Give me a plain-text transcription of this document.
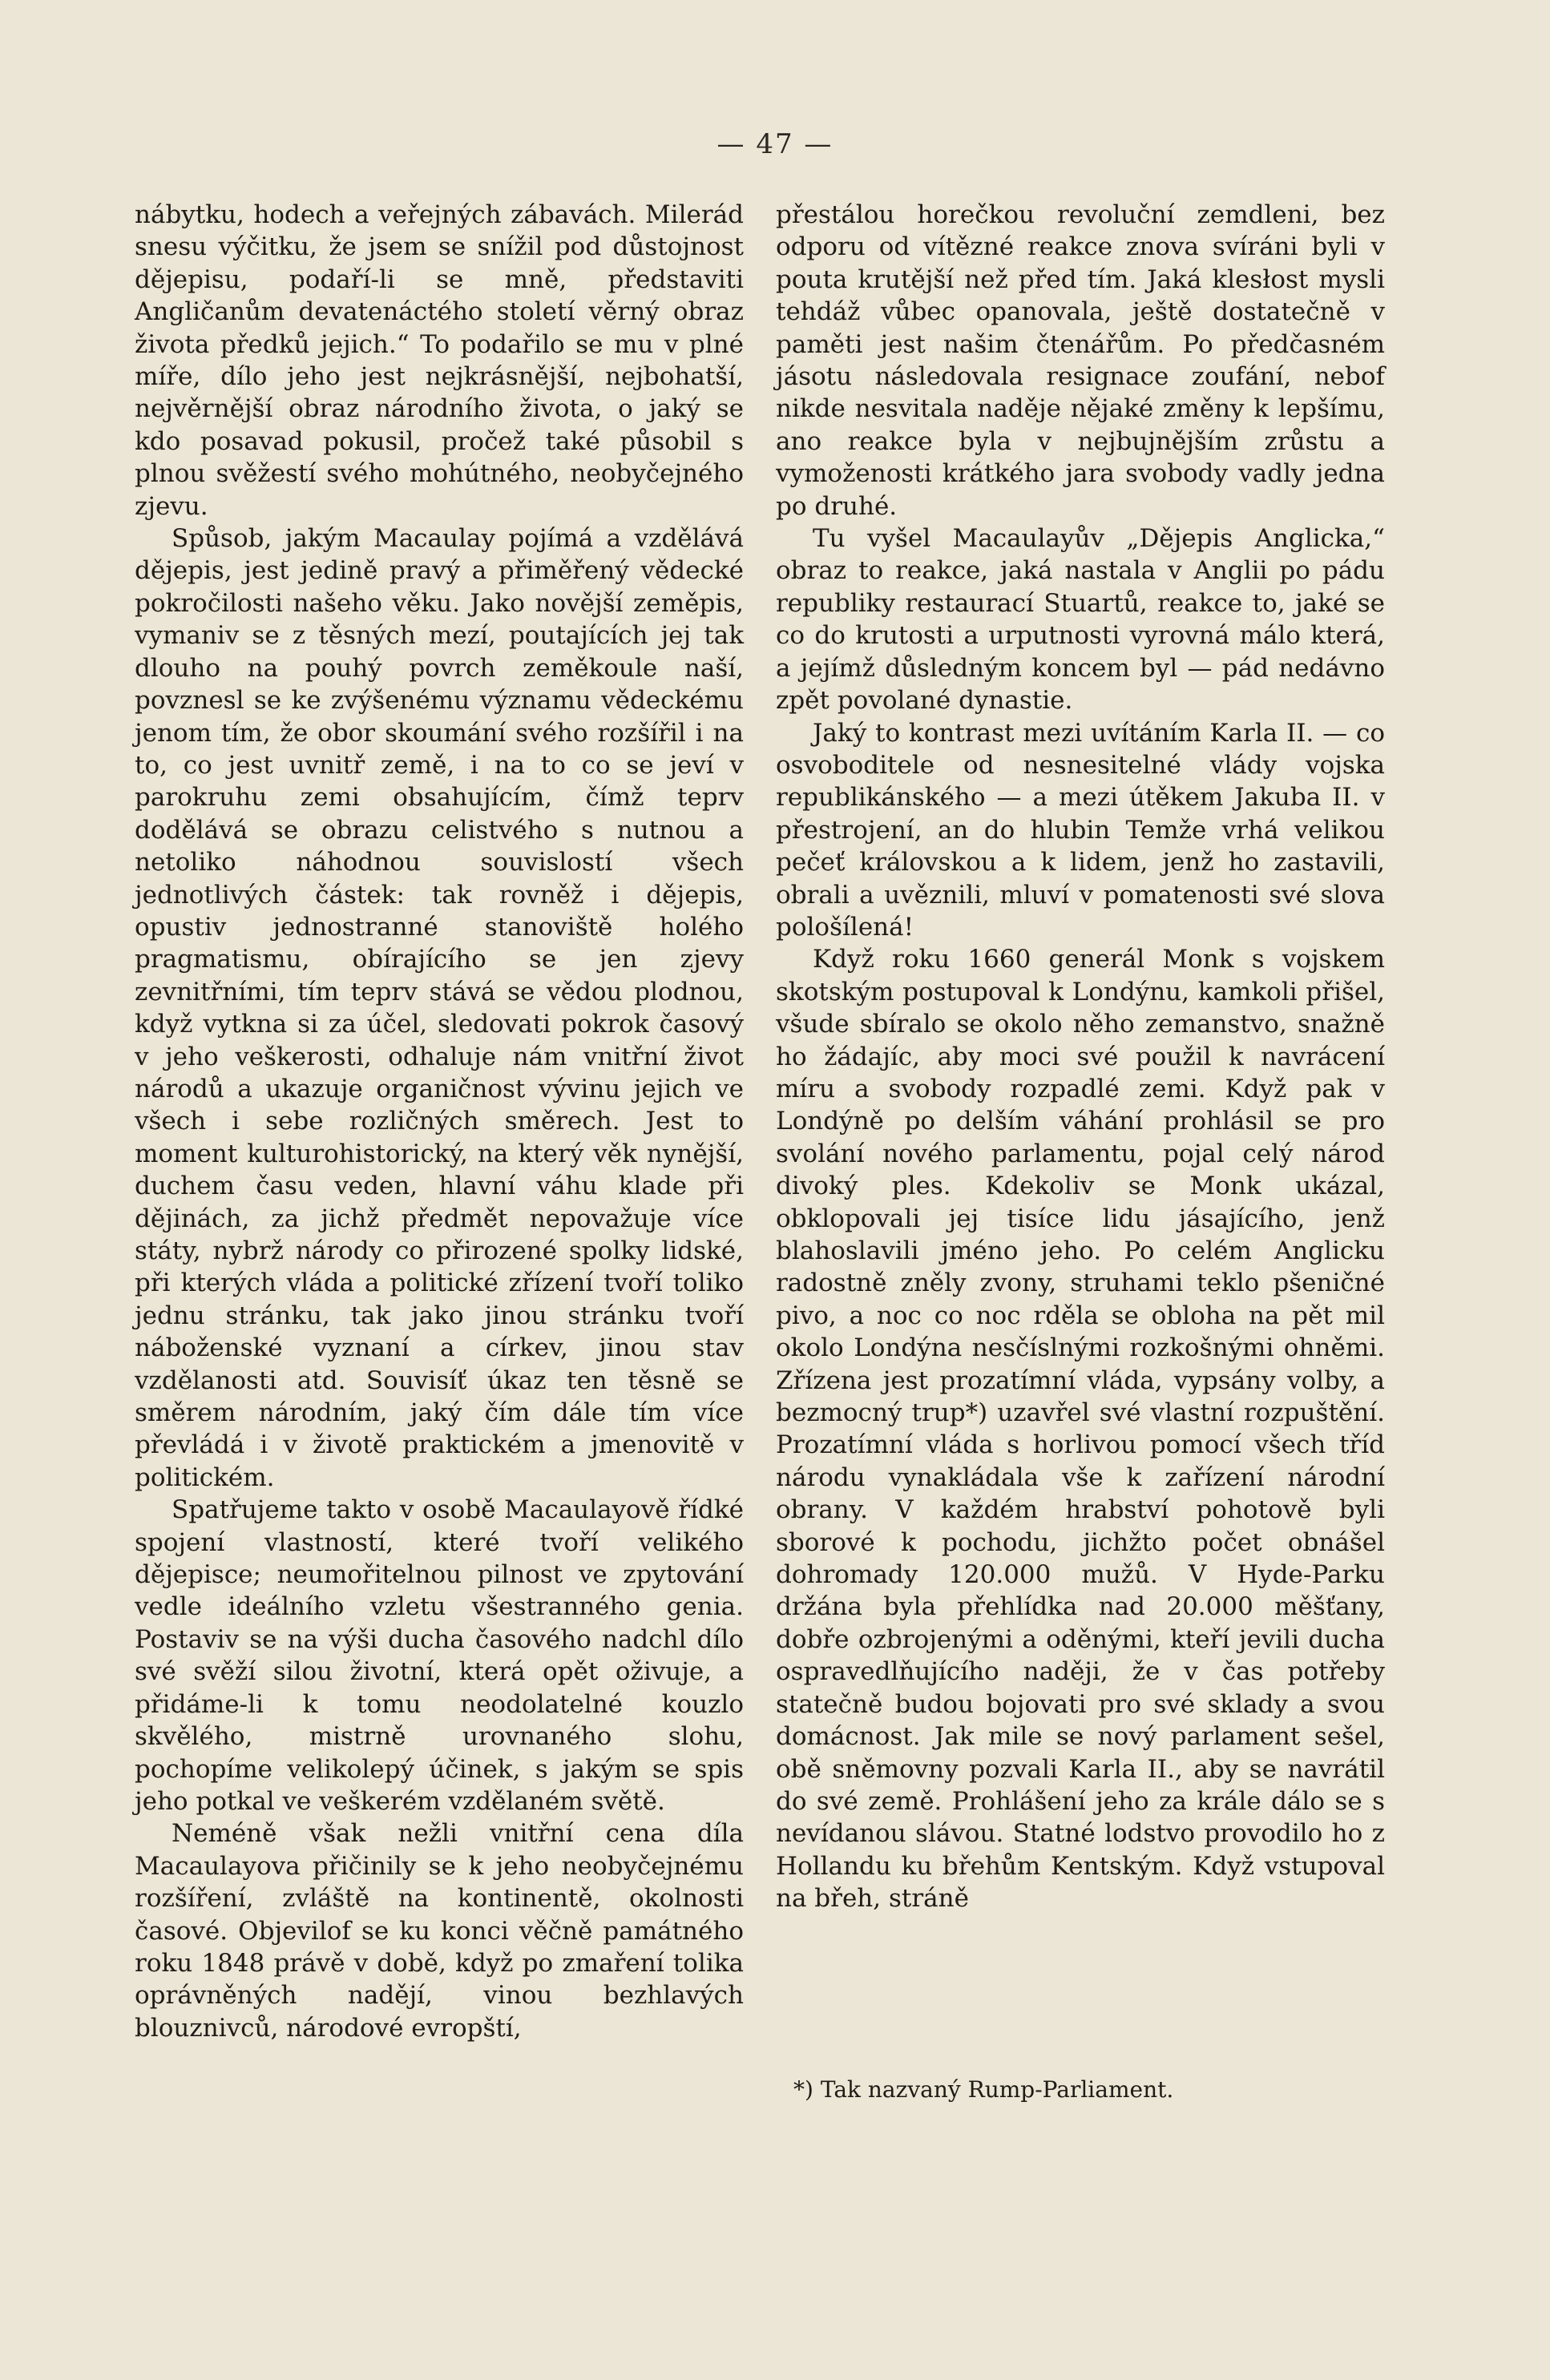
— 47 —

nábytku, hodech a veřejných zábavách. Milerád snesu výčitku, že jsem se snížil pod důstojnost dějepisu, podaří-li se mně, představiti Angličanům devatenáctého století věrný obraz života předků jejich.“ To podařilo se mu v plné míře, dílo jeho jest nejkrásnější, nejbohatší, nejvěrnější obraz národního života, o jaký se kdo posavad pokusil, pročež také působil s plnou svěžestí svého mohútného, neobyčejného zjevu.

Spůsob, jakým Macaulay pojímá a vzdělává dějepis, jest jedině pravý a přiměřený vědecké pokročilosti našeho věku. Jako novější zeměpis, vymaniv se z těsných mezí, poutajících jej tak dlouho na pouhý povrch zeměkoule naší, povznesl se ke zvýšenému významu vědeckému jenom tím, že obor skoumání svého rozšířil i na to, co jest uvnitř země, i na to co se jeví v parokruhu zemi obsahujícím, čímž teprv dodělává se obrazu celistvého s nutnou a netoliko náhodnou souvislostí všech jednotlivých částek: tak rovněž i dějepis, opustiv jednostranné stanoviště holého pragmatismu, obírajícího se jen zjevy zevnitřními, tím teprv stává se vědou plodnou, když vytkna si za účel, sledovati pokrok časový v jeho veškerosti, odhaluje nám vnitřní život národů a ukazuje organičnost vývinu jejich ve všech i sebe rozličných směrech. Jest to moment kulturohistorický, na který věk nynější, duchem času veden, hlavní váhu klade při dějinách, za jichž předmět nepovažuje více státy, nybrž národy co přirozené spolky lidské, při kterých vláda a politické zřízení tvoří toliko jednu stránku, tak jako jinou stránku tvoří náboženské vyznaní a církev, jinou stav vzdělanosti atd. Souvisíť úkaz ten těsně se směrem národním, jaký čím dále tím více převládá i v životě praktickém a jmenovitě v politickém.

Spatřujeme takto v osobě Macaulayově řídké spojení vlastností, které tvoří velikého dějepisce; neumořitelnou pilnost ve zpytování vedle ideálního vzletu všestranného genia. Postaviv se na výši ducha časového nadchl dílo své svěží silou životní, která opět oživuje, a přidáme-li k tomu neodolatelné kouzlo skvělého, mistrně urovnaného slohu, pochopíme velikolepý účinek, s jakým se spis jeho potkal ve veškerém vzdělaném světě.

Neméně však nežli vnitřní cena díla Macaulayova přičinily se k jeho neobyčejnému rozšíření, zvláště na kontinentě, okolnosti časové. Objevilof se ku konci věčně památného roku 1848 právě v době, když po zmaření tolika oprávněných nadějí, vinou bezhlavých blouznivců, národové evropští,

přestálou horečkou revoluční zemdleni, bez odporu od vítězné reakce znova svíráni byli v pouta krutější než před tím. Jaká klesłost mysli tehdáž vůbec opanovala, ještě dostatečně v paměti jest našim čtenářům. Po předčasném jásotu následovala resignace zoufání, nebof nikde nesvitala naděje nějaké změny k lepšímu, ano reakce byla v nejbujnějším zrůstu a vymoženosti krátkého jara svobody vadly jedna po druhé.

Tu vyšel Macaulayův „Dějepis Anglicka,“ obraz to reakce, jaká nastala v Anglii po pádu republiky restaurací Stuartů, reakce to, jaké se co do krutosti a urputnosti vyrovná málo která, a jejímž důsledným koncem byl — pád nedávno zpět povolané dynastie.

Jaký to kontrast mezi uvítáním Karla II. — co osvoboditele od nesnesitelné vlády vojska republikánského — a mezi útěkem Jakuba II. v přestrojení, an do hlubin Temže vrhá velikou pečeť královskou a k lidem, jenž ho zastavili, obrali a uvěznili, mluví v pomatenosti své slova pološílená!

Když roku 1660 generál Monk s vojskem skotským postupoval k Londýnu, kamkoli přišel, všude sbíralo se okolo něho zemanstvo, snažně ho žádajíc, aby moci své použil k navrácení míru a svobody rozpadlé zemi. Když pak v Londýně po delším váhání prohlásil se pro svolání nového parlamentu, pojal celý národ divoký ples. Kdekoliv se Monk ukázal, obklopovali jej tisíce lidu jásajícího, jenž blahoslavili jméno jeho. Po celém Anglicku radostně zněly zvony, struhami teklo pšeničné pivo, a noc co noc rděla se obloha na pět mil okolo Londýna nesčíslnými rozkošnými ohněmi. Zřízena jest prozatímní vláda, vypsány volby, a bezmocný trup*) uzavřel své vlastní rozpuštění. Prozatímní vláda s horlivou pomocí všech tříd národu vynakládala vše k zařízení národní obrany. V každém hrabství pohotově byli sborové k pochodu, jichžto počet obnášel dohromady 120.000 mužů. V Hyde-Parku držána byla přehlídka nad 20.000 měšťany, dobře ozbrojenými a oděnými, kteří jevili ducha ospravedlňujícího naději, že v čas potřeby statečně budou bojovati pro své sklady a svou domácnost. Jak mile se nový parlament sešel, obě sněmovny pozvali Karla II., aby se navrátil do své země. Prohlášení jeho za krále dálo se s nevídanou slávou. Statné lodstvo provodilo ho z Hollandu ku břehům Kentským. Když vstupoval na břeh, stráně

*) Tak nazvaný Rump-Parliament.
